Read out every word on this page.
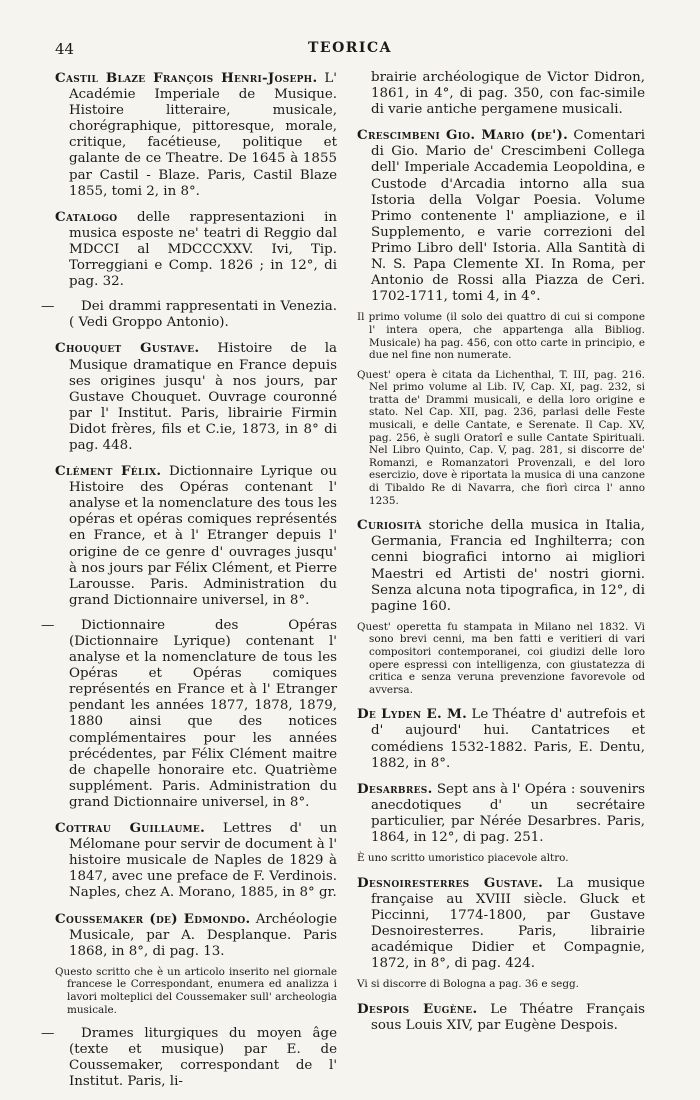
44	TEORICA
Castil Blaze François Henri-Joseph. L' Académie Imperiale de Musique. Histoire litteraire, musicale, chorégraphique, pittoresque, morale, critique, facétieuse, politique et galante de ce Theatre. De 1645 à 1855 par Castil - Blaze. Paris, Castil Blaze 1855, tomi 2, in 8°.
Catalogo delle rappresentazioni in musica esposte ne' teatri di Reggio dal MDCCI al MDCCCXXV. Ivi, Tip. Torreggiani e Comp. 1826 ; in 12°, di pag. 32.
— Dei drammi rappresentati in Venezia. ( Vedi Groppo Antonio).
Chouquet Gustave. Histoire de la Musique dramatique en France depuis ses origines jusqu' à nos jours, par Gustave Chouquet. Ouvrage couronné par l' Institut. Paris, librairie Firmin Didot frères, fils et C.ie, 1873, in 8° di pag. 448.
Clément Félix. Dictionnaire Lyrique ou Histoire des Opéras contenant l' analyse et la nomenclature des tous les opéras et opéras comiques représentés en France, et à l' Etranger depuis l' origine de ce genre d' ouvrages jusqu' à nos jours par Félix Clément, et Pierre Larousse. Paris. Administration du grand Dictionnaire universel, in 8°.
— Dictionnaire des Opéras (Dictionnaire Lyrique) contenant l' analyse et la nomenclature de tous les Opéras et Opéras comiques représentés en France et à l' Etranger pendant les années 1877, 1878, 1879, 1880 ainsi que des notices complémentaires pour les années précédentes, par Félix Clément maitre de chapelle honoraire etc. Quatrième supplément. Paris. Administration du grand Dictionnaire universel, in 8°.
Cottrau Guillaume. Lettres d' un Mélomane pour servir de document à l' histoire musicale de Naples de 1829 à 1847, avec une preface de F. Verdinois. Naples, chez A. Morano, 1885, in 8° gr.
Coussemaker (de) Edmondo. Archéologie Musicale, par A. Desplanque. Paris 1868, in 8°, di pag. 13.
Questo scritto che è un articolo inserito nel giornale francese le Correspondant, enumera ed analizza i lavori molteplici del Coussemaker sull' archeologia musicale.
— Drames liturgiques du moyen âge (texte et musique) par E. de Coussemaker, correspondant de l' Institut. Paris, li-
brairie archéologique de Victor Didron, 1861, in 4°, di pag. 350, con fac-simile di varie antiche pergamene musicali.
Crescimbeni Gio. Mario (de'). Comentari di Gio. Mario de' Crescimbeni Collega dell' Imperiale Accademia Leopoldina, e Custode d'Arcadia intorno alla sua Istoria della Volgar Poesia. Volume Primo contenente l' ampliazione, e il Supplemento, e varie correzioni del Primo Libro dell' Istoria. Alla Santità di N. S. Papa Clemente XI. In Roma, per Antonio de Rossi alla Piazza de Ceri. 1702-1711, tomi 4, in 4°.
Il primo volume (il solo dei quattro di cui si compone l' intera opera, che appartenga alla Bibliog. Musicale) ha pag. 456, con otto carte in principio, e due nel fine non numerate.
Quest' opera è citata da Lichenthal, T. III, pag. 216. Nel primo volume al Lib. IV, Cap. XI, pag. 232, si tratta de' Drammi musicali, e della loro origine e stato. Nel Cap. XII, pag. 236, parlasi delle Feste musicali, e delle Cantate, e Serenate. Il Cap. XV, pag. 256, è sugli Oratorî e sulle Cantate Spirituali. Nel Libro Quinto, Cap. V, pag. 281, si discorre de' Romanzi, e Romanzatori Provenzali, e del loro esercizio, dove è riportata la musica di una canzone di Tibaldo Re di Navarra, che fiorì circa l' anno 1235.
Curiosità storiche della musica in Italia, Germania, Francia ed Inghilterra; con cenni biografici intorno ai migliori Maestri ed Artisti de' nostri giorni. Senza alcuna nota tipografica, in 12°, di pagine 160.
Quest' operetta fu stampata in Milano nel 1832. Vi sono brevi cenni, ma ben fatti e veritieri di vari compositori contemporanei, coi giudizi delle loro opere espressi con intelligenza, con giustatezza di critica e senza veruna prevenzione favorevole od avversa.
De Lyden E. M. Le Théatre d' autrefois et d' aujourd' hui. Cantatrices et comédiens 1532-1882. Paris, E. Dentu, 1882, in 8°.
Desarbres. Sept ans à l' Opéra : souvenirs anecdotiques d' un secrétaire particulier, par Nérée Desarbres. Paris, 1864, in 12°, di pag. 251.
È uno scritto umoristico piacevole altro.
Desnoiresterres Gustave. La musique française au XVIII siècle. Gluck et Piccinni, 1774-1800, par Gustave Desnoiresterres. Paris, librairie académique Didier et Compagnie, 1872, in 8°, di pag. 424.
Vi si discorre di Bologna a pag. 36 e segg.
Despois Eugène. Le Théatre Français sous Louis XIV, par Eugène Despois.
